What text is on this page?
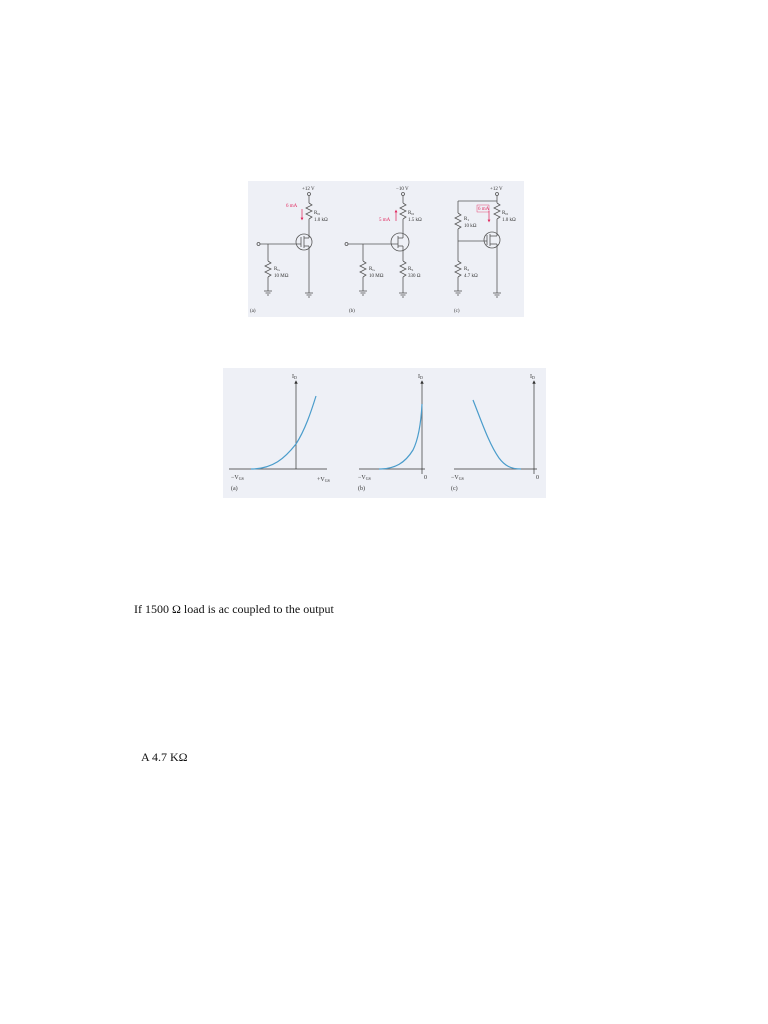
+12 V
6 mA
$R_D$
1.0 kΩ
$R_G$
10 MΩ
(a)
−10 V
5 mA
$R_D$
1.5 kΩ
$R_G$
10 MΩ
$R_S$
330 Ω
(b)
+12 V
6 mA
$R_D$
1.0 kΩ
$R_1$
10 kΩ
$R_2$
4.7 kΩ
(c)
ID
−VGS	+VGS
(a)
ID
−VGS	0
(b)
ID
−VGS	0
(c)
If 1500 Ω load is ac coupled to the output
A 4.7 KΩ
